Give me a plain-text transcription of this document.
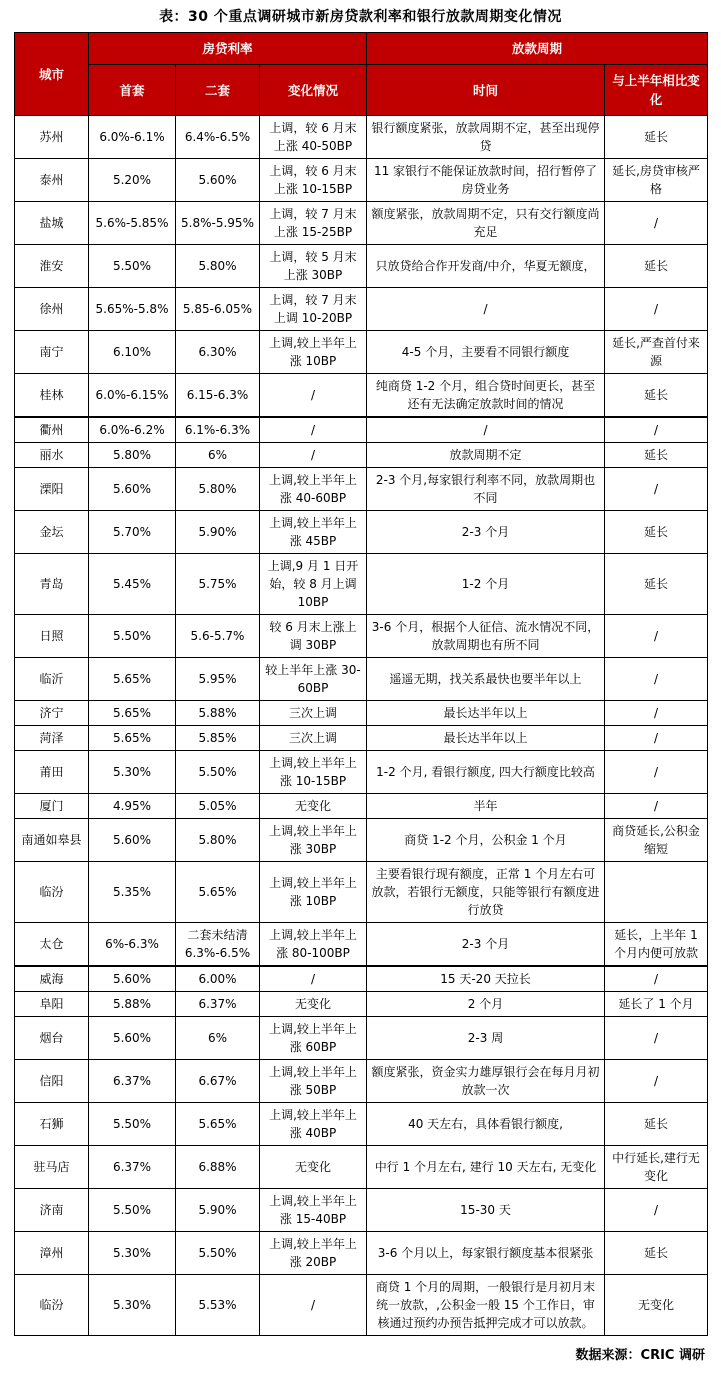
表：30 个重点调研城市新房贷款利率和银行放款周期变化情况
城市	房贷利率			放款周期	
	首套	二套	变化情况	时间	与上半年相比变化
苏州	6.0%-6.1%	6.4%-6.5%	上调，较 6 月末上涨 40-50BP	银行额度紧张，放款周期不定，甚至出现停贷	延长
泰州	5.20%	5.60%	上调，较 6 月末上涨 10-15BP	11 家银行不能保证放款时间，招行暂停了房贷业务	延长,房贷审核严格
盐城	5.6%-5.85%	5.8%-5.95%	上调，较 7 月末上涨 15-25BP	额度紧张，放款周期不定，只有交行额度尚充足	/
淮安	5.50%	5.80%	上调，较 5 月末上涨 30BP	只放贷给合作开发商/中介，华夏无额度，	延长
徐州	5.65%-5.8%	5.85-6.05%	上调，较 7 月末上调 10-20BP	/	/
南宁	6.10%	6.30%	上调,较上半年上涨 10BP	4-5 个月，主要看不同银行额度	延长,严查首付来源
桂林	6.0%-6.15%	6.15-6.3%	/	纯商贷 1-2 个月，组合贷时间更长，甚至还有无法确定放款时间的情况	延长
衢州	6.0%-6.2%	6.1%-6.3%	/	/	/
丽水	5.80%	6%	/	放款周期不定	延长
溧阳	5.60%	5.80%	上调,较上半年上涨 40-60BP	2-3 个月,每家银行利率不同，放款周期也不同	/
金坛	5.70%	5.90%	上调,较上半年上涨 45BP	2-3 个月	延长
青岛	5.45%	5.75%	上调,9 月 1 日开始，较 8 月上调 10BP	1-2 个月	延长
日照	5.50%	5.6-5.7%	较 6 月末上涨上调 30BP	3-6 个月，根据个人征信、流水情况不同，放款周期也有所不同	/
临沂	5.65%	5.95%	较上半年上涨 30-60BP	遥遥无期，找关系最快也要半年以上	/
济宁	5.65%	5.88%	三次上调	最长达半年以上	/
菏泽	5.65%	5.85%	三次上调	最长达半年以上	/
莆田	5.30%	5.50%	上调,较上半年上涨 10-15BP	1-2 个月, 看银行额度, 四大行额度比较高	/
厦门	4.95%	5.05%	无变化	半年	/
南通如皋县	5.60%	5.80%	上调,较上半年上涨 30BP	商贷 1-2 个月，公积金 1 个月	商贷延长,公积金缩短
临汾	5.35%	5.65%	上调,较上半年上涨 10BP	主要看银行现有额度，正常 1 个月左右可放款，若银行无额度，只能等银行有额度进行放贷	
太仓	6%-6.3%	二套未结清 6.3%-6.5%	上调,较上半年上涨 80-100BP	2-3 个月	延长，上半年 1 个月内便可放款
威海	5.60%	6.00%	/	15 天-20 天拉长	/
阜阳	5.88%	6.37%	无变化	2 个月	延长了 1 个月
烟台	5.60%	6%	上调,较上半年上涨 60BP	2-3 周	/
信阳	6.37%	6.67%	上调,较上半年上涨 50BP	额度紧张，资金实力雄厚银行会在每月月初放款一次	/
石狮	5.50%	5.65%	上调,较上半年上涨 40BP	40 天左右，具体看银行额度,	延长
驻马店	6.37%	6.88%	无变化	中行 1 个月左右, 建行 10 天左右, 无变化	中行延长,建行无变化
济南	5.50%	5.90%	上调,较上半年上涨 15-40BP	15-30 天	/
漳州	5.30%	5.50%	上调,较上半年上涨 20BP	3-6 个月以上，每家银行额度基本很紧张	延长
临汾	5.30%	5.53%	/	商贷 1 个月的周期，一般银行是月初月末统一放款，,公积金一般 15 个工作日，审核通过预约办预告抵押完成才可以放款。	无变化
数据来源：CRIC 调研
